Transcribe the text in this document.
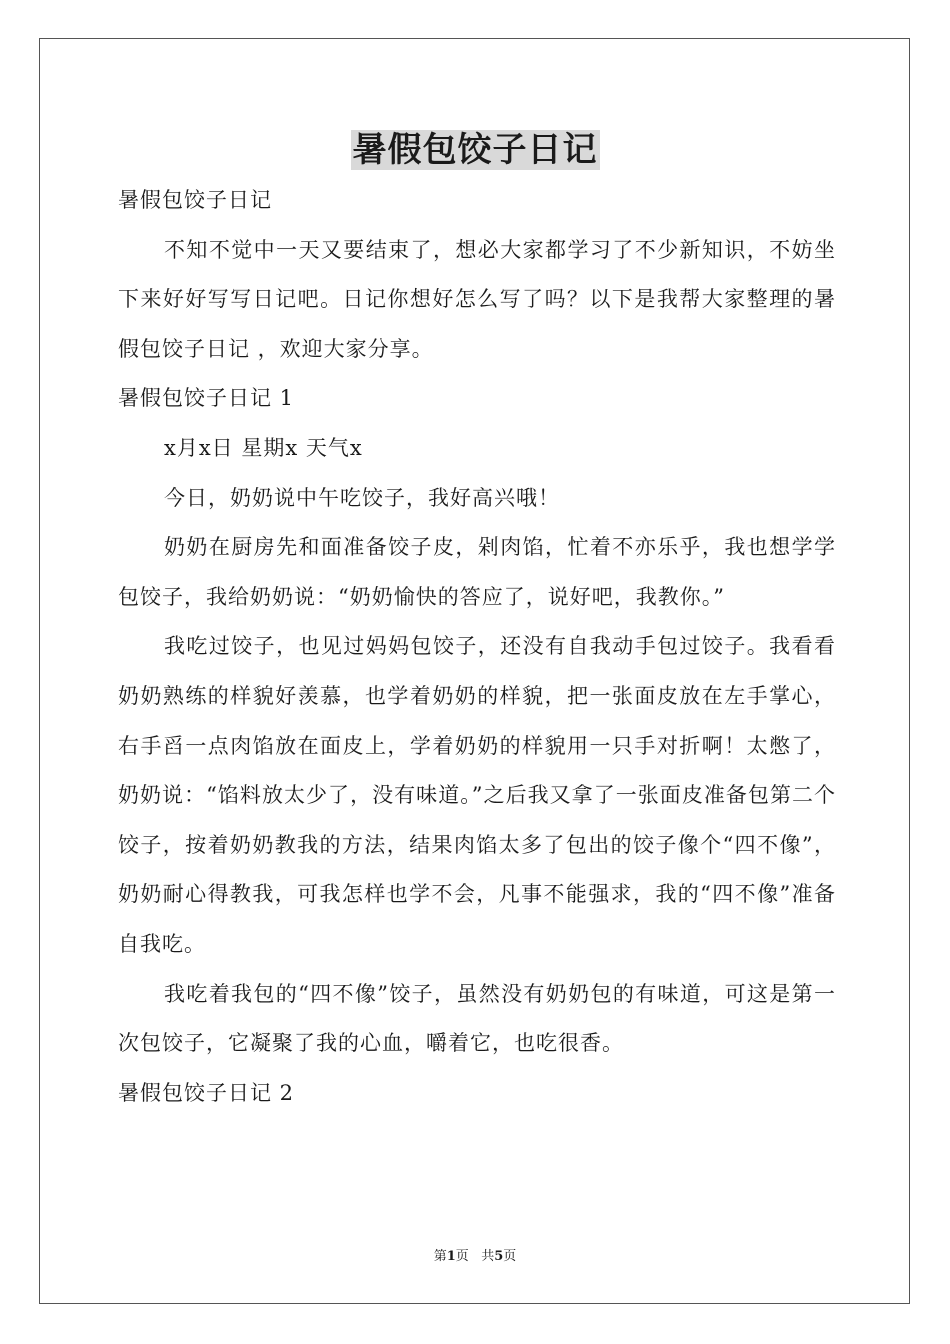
暑假包饺子日记

暑假包饺子日记

不知不觉中一天又要结束了，想必大家都学习了不少新知识，不妨坐下来好好写写日记吧。日记你想好怎么写了吗？以下是我帮大家整理的暑假包饺子日记 ，欢迎大家分享。

暑假包饺子日记 1

x月x日 星期x 天气x

今日，奶奶说中午吃饺子，我好高兴哦！

奶奶在厨房先和面准备饺子皮，剁肉馅，忙着不亦乐乎，我也想学学包饺子，我给奶奶说：“奶奶愉快的答应了，说好吧，我教你。”

我吃过饺子，也见过妈妈包饺子，还没有自我动手包过饺子。我看看奶奶熟练的样貌好羡慕，也学着奶奶的样貌，把一张面皮放在左手掌心，右手舀一点肉馅放在面皮上，学着奶奶的样貌用一只手对折啊！太憋了，奶奶说：“馅料放太少了，没有味道。”之后我又拿了一张面皮准备包第二个饺子，按着奶奶教我的方法，结果肉馅太多了包出的饺子像个“四不像”，奶奶耐心得教我，可我怎样也学不会，凡事不能强求，我的“四不像”准备自我吃。

我吃着我包的“四不像”饺子，虽然没有奶奶包的有味道，可这是第一次包饺子，它凝聚了我的心血，嚼着它，也吃很香。

暑假包饺子日记 2

第1页 共5页
